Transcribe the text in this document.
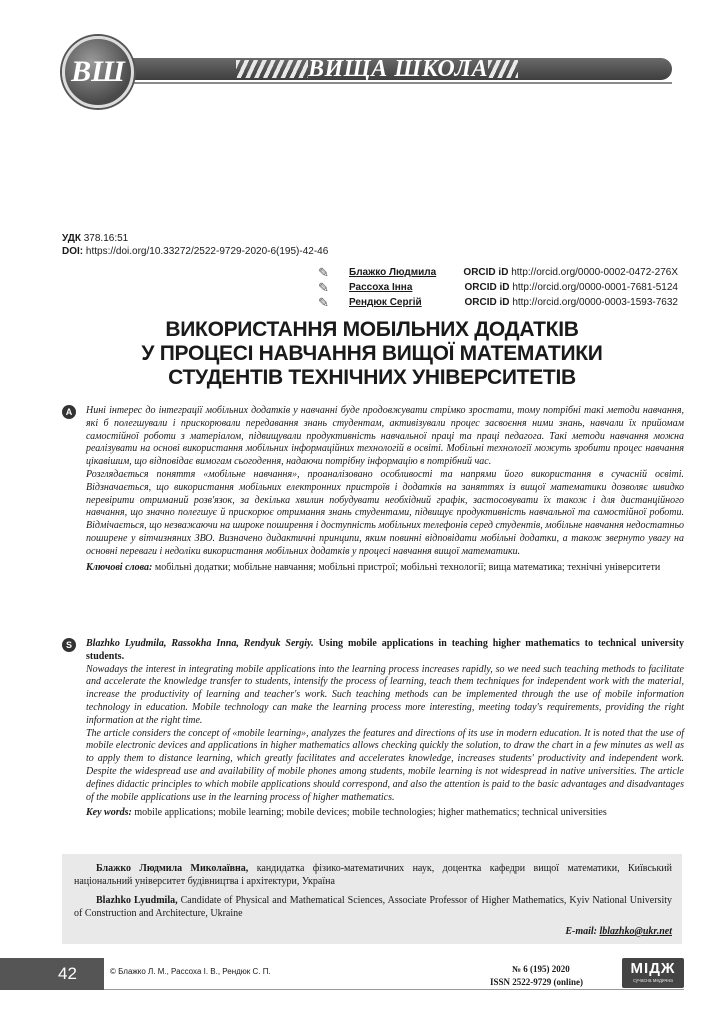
ВИЩА ШКОЛА
ВШ
УДК 378.16:51
DOI: https://doi.org/10.33272/2522-9729-2020-6(195)-42-46
✎ Блажко Людмила	ORCID iD http://orcid.org/0000-0002-0472-276X
✎ Рассоха Інна	ORCID iD http://orcid.org/0000-0001-7681-5124
✎ Рендюк Сергій	ORCID iD http://orcid.org/0000-0003-1593-7632
ВИКОРИСТАННЯ МОБІЛЬНИХ ДОДАТКІВ
У ПРОЦЕСІ НАВЧАННЯ ВИЩОЇ МАТЕМАТИКИ
СТУДЕНТІВ ТЕХНІЧНИХ УНІВЕРСИТЕТІВ
A	Нині інтерес до інтеграції мобільних додатків у навчанні буде продовжувати стрімко зростати, тому потрібні такі методи навчання, які б полегшували і прискорювали передавання знань студентам, активізували процес засвоєння ними знань, навчали їх прийомам самостійної роботи з матеріалом, підвищували продуктивність навчальної праці та праці педагога. Такі методи навчання можна реалізувати на основі використання мобільних інформаційних технологій в освіті. Мобільні технології можуть зробити процес навчання цікавішим, що відповідає вимогам сьогодення, надаючи потрібну інформацію в потрібний час.

Розглядається поняття «мобільне навчання», проаналізовано особливості та напрями його використання в сучасній освіті. Відзначається, що використання мобільних електронних пристроїв і додатків на заняттях із вищої математики дозволяє швидко перевірити отриманий розв'язок, за декілька хвилин побудувати необхідний графік, застосовувати їх також і для дистанційного навчання, що значно полегшує й прискорює отримання знань студентами, підвищує продуктивність навчальної та самостійної роботи. Відмічається, що незважаючи на широке поширення і доступність мобільних телефонів серед студентів, мобільне навчання недостатньо поширене у вітчизняних ЗВО. Визначено дидактичні принципи, яким повинні відповідати мобільні додатки, а також звернуто увагу на основні переваги і недоліки використання мобільних додатків у процесі навчання вищої математики.

Ключові слова: мобільні додатки; мобільне навчання; мобільні пристрої; мобільні технології; вища математика; технічні університети

S	Blazhko Lyudmila, Rassokha Inna, Rendyuk Sergiy. Using mobile applications in teaching higher mathematics to technical university students.

Nowadays the interest in integrating mobile applications into the learning process increases rapidly, so we need such teaching methods to facilitate and accelerate the knowledge transfer to students, intensify the process of learning, teach them techniques for independent work with the material, increase the productivity of learning and teacher's work. Such teaching methods can be implemented through the use of mobile information technology in education. Mobile technology can make the learning process more interesting, meeting today's requirements, providing the right information at the right time.

The article considers the concept of «mobile learning», analyzes the features and directions of its use in modern education. It is noted that the use of mobile electronic devices and applications in higher mathematics allows checking quickly the solution, to draw the chart in a few minutes as well as to apply them to distance learning, which greatly facilitates and accelerates knowledge, increases students' productivity and independent work. Despite the widespread use and availability of mobile phones among students, mobile learning is not widespread in native universities. The article defines didactic principles to which mobile applications should correspond, and also the attention is paid to the basic advantages and disadvantages of the mobile applications use in the learning process of higher mathematics.

Key words: mobile applications; mobile learning; mobile devices; mobile technologies; higher mathematics; technical universities

Блажко Людмила Миколаївна, кандидатка фізико-математичних наук, доцентка кафедри вищої математики, Київський національний університет будівництва і архітектури, Україна

Blazhko Lyudmila, Candidate of Physical and Mathematical Sciences, Associate Professor of Higher Mathematics, Kyiv National University of Construction and Architecture, Ukraine

E-mail: lblazhko@ukr.net
42	© Блажко Л. М., Рассоха І. В., Рендюк С. П.	№ 6 (195) 2020
ISSN 2522-9729 (online)
МІДЖ
сучасна медична
